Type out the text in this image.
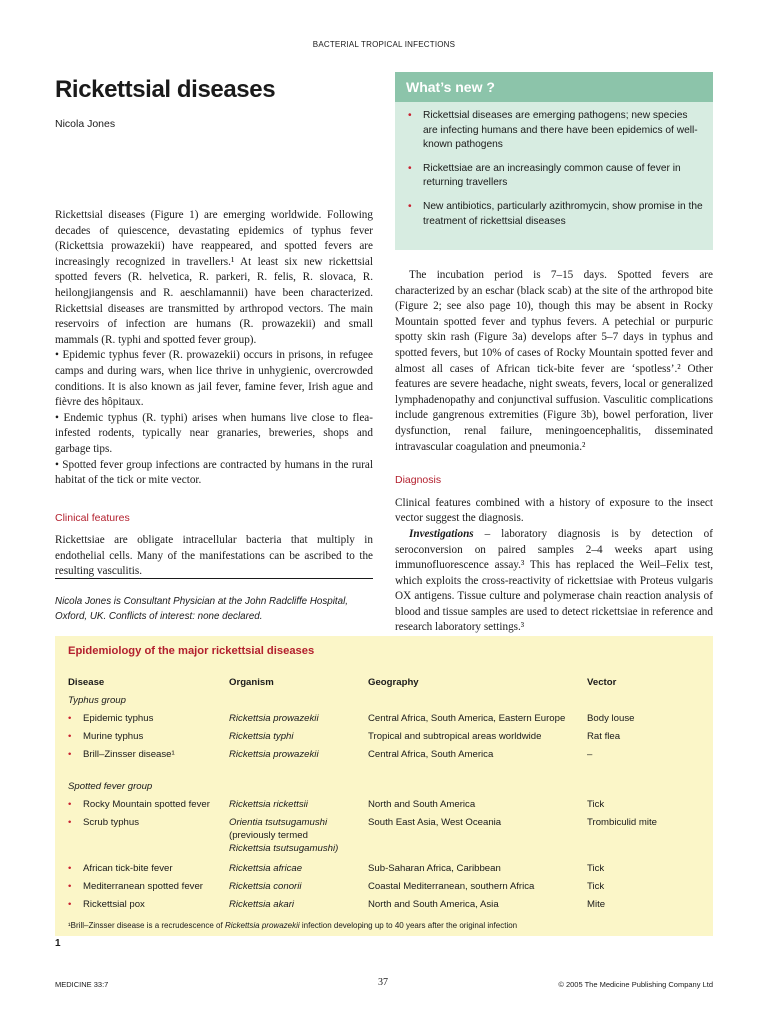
BACTERIAL TROPICAL INFECTIONS
Rickettsial diseases
Nicola Jones
What’s new ?
• Rickettsial diseases are emerging pathogens; new species are infecting humans and there have been epidemics of well-known pathogens
• Rickettsiae are an increasingly common cause of fever in returning travellers
• New antibiotics, particularly azithromycin, show promise in the treatment of rickettsial diseases

Rickettsial diseases (Figure 1) are emerging worldwide. Following decades of quiescence, devastating epidemics of typhus fever (Rickettsia prowazekii) have reappeared, and spotted fevers are increasingly recognized in travellers.¹ At least six new rickettsial spotted fevers (R. helvetica, R. parkeri, R. felis, R. slovaca, R. heilongjiangensis and R. aeschlamannii) have been characterized. Rickettsial diseases are transmitted by arthropod vectors. The main reservoirs of infection are humans (R. prowazekii) and small mammals (R. typhi and spotted fever group).

• Epidemic typhus fever (R. prowazekii) occurs in prisons, in refugee camps and during wars, when lice thrive in unhygienic, overcrowded conditions. It is also known as jail fever, famine fever, Irish ague and fièvre des hôpitaux.

• Endemic typhus (R. typhi) arises when humans live close to flea-infested rodents, typically near granaries, breweries, shops and garbage tips.

• Spotted fever group infections are contracted by humans in the rural habitat of the tick or mite vector.

Clinical features

Rickettsiae are obligate intracellular bacteria that multiply in endothelial cells. Many of the manifestations can be ascribed to the resulting vasculitis.

Nicola Jones is Consultant Physician at the John Radcliffe Hospital, Oxford, UK. Conflicts of interest: none declared.

The incubation period is 7–15 days. Spotted fevers are characterized by an eschar (black scab) at the site of the arthropod bite (Figure 2; see also page 10), though this may be absent in Rocky Mountain spotted fever and typhus fevers. A petechial or purpuric spotty skin rash (Figure 3a) develops after 5–7 days in typhus and spotted fevers, but 10% of cases of Rocky Mountain spotted fever and almost all cases of African tick-bite fever are ‘spotless’.² Other features are severe headache, night sweats, fevers, local or generalized lymphadenopathy and conjunctival suffusion. Vasculitic complications include gangrenous extremities (Figure 3b), bowel perforation, liver dysfunction, renal failure, meningoencephalitis, disseminated intravascular coagulation and pneumonia.²

Diagnosis

Clinical features combined with a history of exposure to the insect vector suggest the diagnosis.

Investigations – laboratory diagnosis is by detection of seroconversion on paired samples 2–4 weeks apart using immunofluorescence assay.³ This has replaced the Weil–Felix test, which exploits the cross-reactivity of rickettsiae with Proteus vulgaris OX antigens. Tissue culture and polymerase chain reaction analysis of blood and tissue samples are used to detect rickettsiae in reference and research laboratory settings.³

Epidemiology of the major rickettsial diseases
Disease	Organism	Geography	Vector
Typhus group			

• Epidemic typhus	Rickettsia prowazekii	Central Africa, South America, Eastern Europe	Body louse

• Murine typhus	Rickettsia typhi	Tropical and subtropical areas worldwide	Rat flea

• Brill–Zinsser disease¹	Rickettsia prowazekii	Central Africa, South America	–

Spotted fever group			

• Rocky Mountain spotted fever	Rickettsia rickettsii	North and South America	Tick

• Scrub typhus	Orientia tsutsugamushi
(previously termed
Rickettsia tsutsugamushi)	South East Asia, West Oceania	Trombiculid mite

• African tick-bite fever	Rickettsia africae	Sub-Saharan Africa, Caribbean	Tick

• Mediterranean spotted fever	Rickettsia conorii	Coastal Mediterranean, southern Africa	Tick

• Rickettsial pox	Rickettsia akari	North and South America, Asia	Mite
¹Brill–Zinsser disease is a recrudescence of Rickettsia prowazekii infection developing up to 40 years after the original infection
1
MEDICINE 33:7	37	© 2005 The Medicine Publishing Company Ltd
